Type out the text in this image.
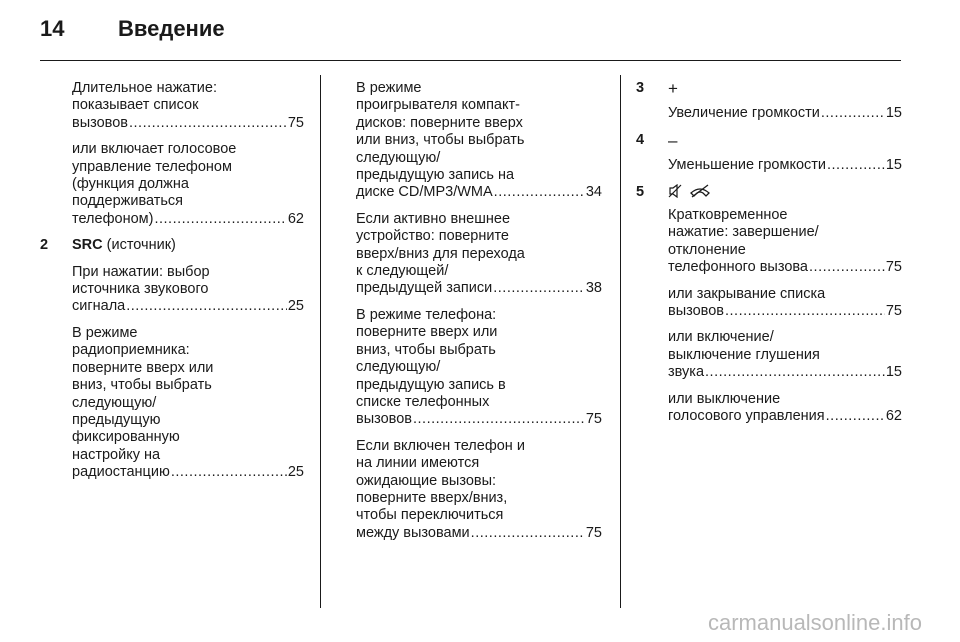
14 Введение
Длительное нажатие:
показывает список
вызовов .....	75
или включает голосовое
управление телефоном
(функция должна
поддерживаться
телефоном) .....	62
2 SRC (источник)
При нажатии: выбор
источника звукового
сигнала .....	25
В режиме
радиоприемника:
поверните вверх или
вниз, чтобы выбрать
следующую/
предыдущую
фиксированную
настройку на
радиостанцию .....	25
В режиме
проигрывателя компакт-
дисков: поверните вверх
или вниз, чтобы выбрать
следующую/
предыдущую запись на
диске CD/MP3/WMA .....	34
Если активно внешнее
устройство: поверните
вверх/вниз для перехода
к следующей/
предыдущей записи .....	38
В режиме телефона:
поверните вверх или
вниз, чтобы выбрать
следующую/
предыдущую запись в
списке телефонных
вызовов .....	75
Если включен телефон и
на линии имеются
ожидающие вызовы:
поверните вверх/вниз,
чтобы переключиться
между вызовами .....	75
3 +
Увеличение громкости .....	15
4 –
Уменьшение громкости .....	15
5

Кратковременное
нажатие: завершение/
отклонение
телефонного вызова .....	75
или закрывание списка
вызовов .....	75
или включение/
выключение глушения
звука .....	15
или выключение
голосового управления .....	62
carmanualsonline.info
